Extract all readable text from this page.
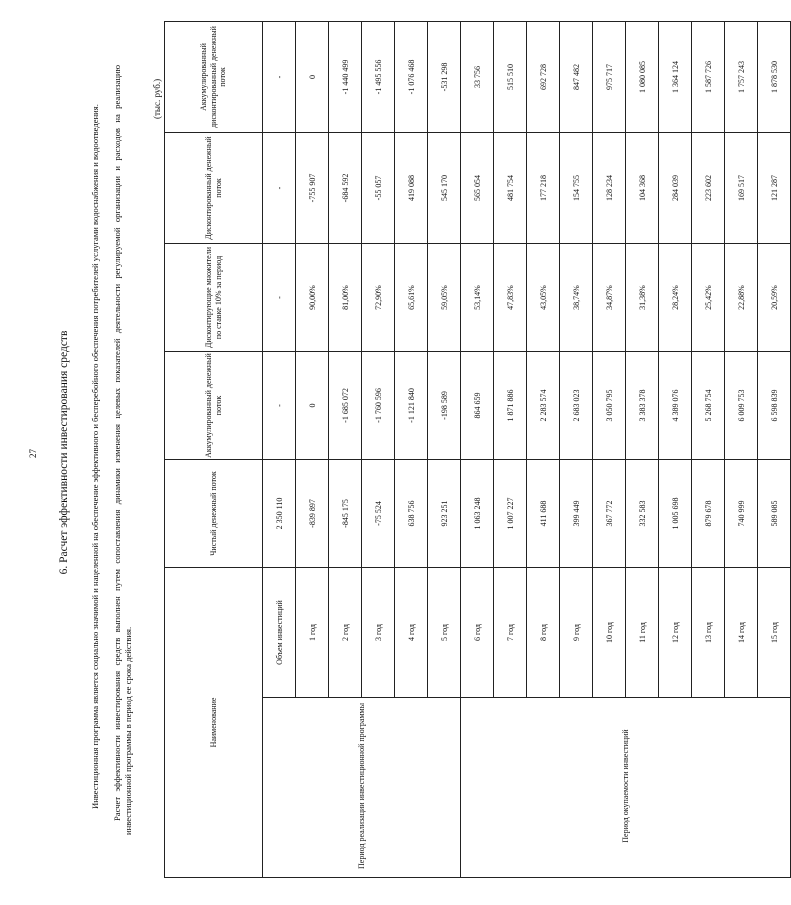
27 6. Расчет эффективности инвестирования средств Инвестиционная программа является социально значимой и нацеленной на обеспечение эффективного и бесперебойного обеспечения потребителей услугами водоснабжения и водоотведения. Расчет эффективности инвестирования средств выполнен путем сопоставления динамики изменения целевых показателей деятельности регулируемой организации и расходов на реализацию инвестиционной программы в период ее срока действия.
(тыс. руб.)
Наименование		Чистый денежный поток	Аккумулированный денежный поток	Дисконтирующие множители по ставке 10% за период	Дисконтированный денежный поток	Аккумулированный дисконтированный денежный поток
Период реализации инвестиционной программы	Объем инвестиций	2 350 110	-	-	-	-
	1 год	-839 897	0	90,00%	-755 907	0
	2 год	-845 175	-1 685 072	81,00%	-684 592	-1 440 499
	3 год	-75 524	-1 760 596	72,90%	-55 057	-1 495 556
	4 год	638 756	-1 121 840	65,61%	419 088	-1 076 468
	5 год	923 251	-198 589	59,05%	545 170	-531 298
Период окупаемости инвестиций	6 год	1 063 248	864 659	53,14%	565 054	33 756
	7 год	1 007 227	1 871 886	47,83%	481 754	515 510
	8 год	411 688	2 283 574	43,05%	177 218	692 728
	9 год	399 449	2 683 023	38,74%	154 755	847 482
	10 год	367 772	3 050 795	34,87%	128 234	975 717
	11 год	332 583	3 383 378	31,38%	104 368	1 080 085
	12 год	1 005 698	4 389 076	28,24%	284 039	1 364 124
	13 год	879 678	5 268 754	25,42%	223 602	1 587 726
	14 год	740 999	6 009 753	22,88%	169 517	1 757 243
	15 год	589 085	6 598 839	20,59%	121 287	1 878 530
